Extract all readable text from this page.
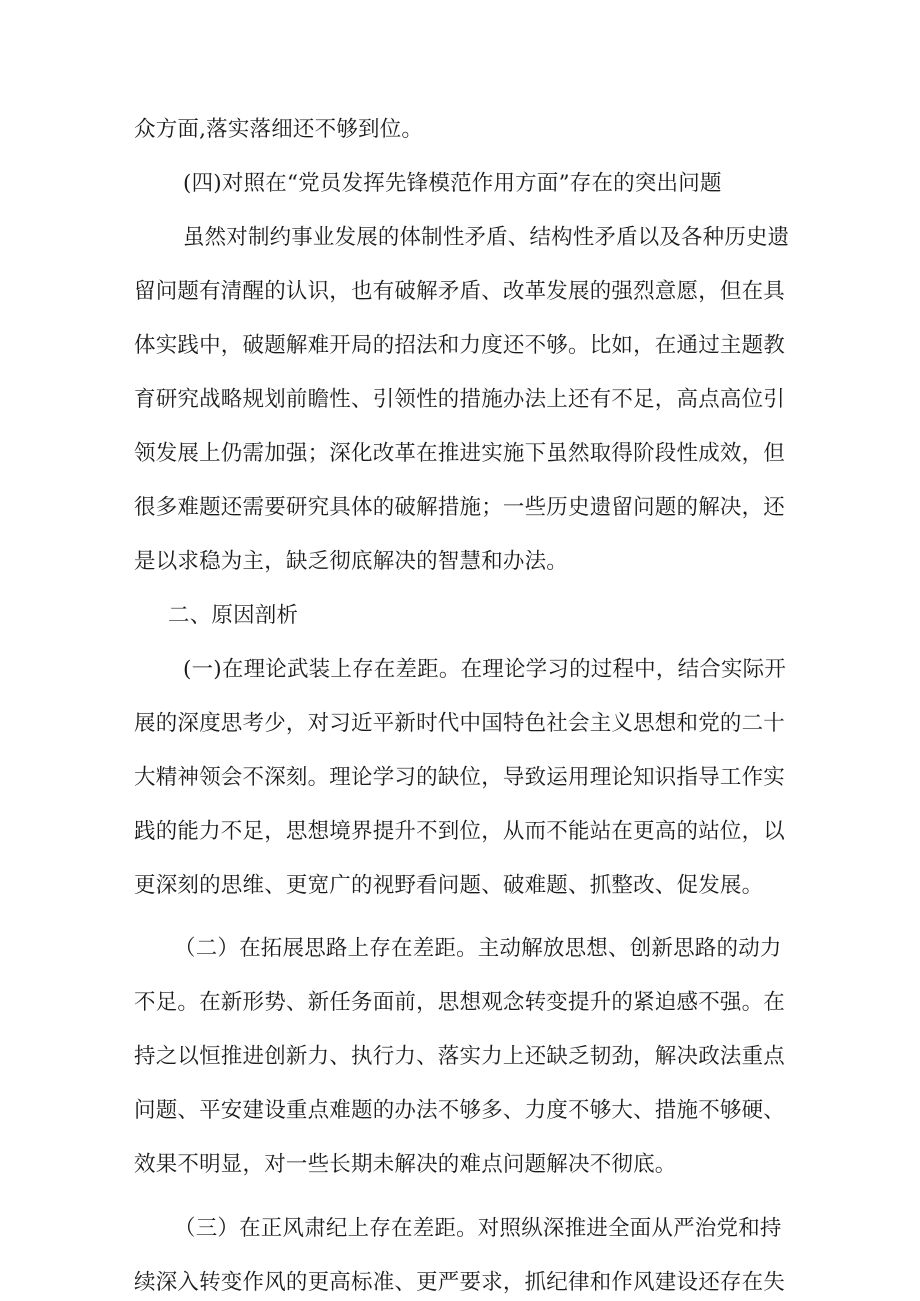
众方面,落实落细还不够到位。
(四)对照在“党员发挥先锋模范作用方面”存在的突出问题
虽然对制约事业发展的体制性矛盾、结构性矛盾以及各种历史遗
留问题有清醒的认识，也有破解矛盾、改革发展的强烈意愿，但在具
体实践中，破题解难开局的招法和力度还不够。比如，在通过主题教
育研究战略规划前瞻性、引领性的措施办法上还有不足，高点高位引
领发展上仍需加强；深化改革在推进实施下虽然取得阶段性成效，但
很多难题还需要研究具体的破解措施；一些历史遗留问题的解决，还
是以求稳为主，缺乏彻底解决的智慧和办法。
二、原因剖析
(一)在理论武装上存在差距。在理论学习的过程中，结合实际开
展的深度思考少，对习近平新时代中国特色社会主义思想和党的二十
大精神领会不深刻。理论学习的缺位，导致运用理论知识指导工作实
践的能力不足，思想境界提升不到位，从而不能站在更高的站位，以
更深刻的思维、更宽广的视野看问题、破难题、抓整改、促发展。
（二）在拓展思路上存在差距。主动解放思想、创新思路的动力
不足。在新形势、新任务面前，思想观念转变提升的紧迫感不强。在
持之以恒推进创新力、执行力、落实力上还缺乏韧劲，解决政法重点
问题、平安建设重点难题的办法不够多、力度不够大、措施不够硬、
效果不明显，对一些长期未解决的难点问题解决不彻底。
（三）在正风肃纪上存在差距。对照纵深推进全面从严治党和持
续深入转变作风的更高标准、更严要求，抓纪律和作风建设还存在失
